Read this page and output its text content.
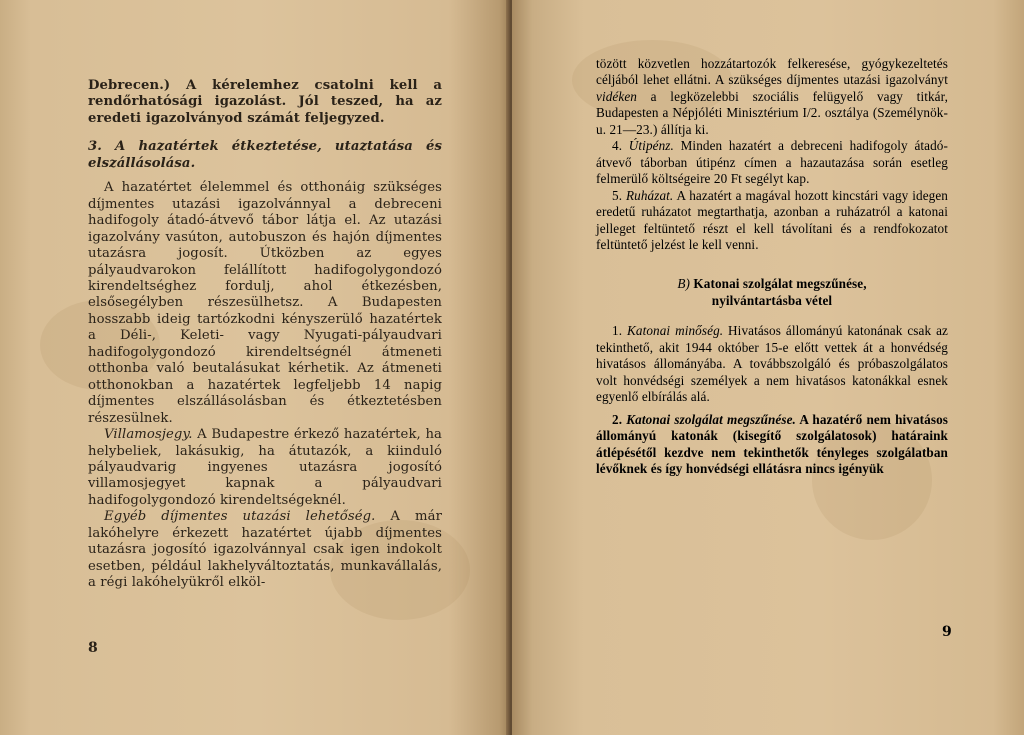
Debrecen.) A kérelemhez csatolni kell a rendőrhatósági igazolást. Jól teszed, ha az eredeti igazolványod számát feljegyzed.

3. A hazatértek étkeztetése, utaztatása és elszállásolása.

A hazatértet élelemmel és otthonáig szükséges díjmentes utazási igazolvánnyal a debreceni hadifogoly átadó-átvevő tábor látja el. Az utazási igazolvány vasúton, autobuszon és hajón díjmentes utazásra jogosít. Útközben az egyes pályaudvarokon felállított hadifogolygondozó kirendeltséghez fordulj, ahol étkezésben, elsősegélyben részesülhetsz. A Budapesten hosszabb ideig tartózkodni kényszerülő hazatértek a Déli-, Keleti- vagy Nyugati-pályaudvari hadifogolygondozó kirendeltségnél átmeneti otthonba való beutalásukat kérhetik. Az átmeneti otthonokban a hazatértek legfeljebb 14 napig díjmentes elszállásolásban és étkeztetésben részesülnek.

Villamosjegy. A Budapestre érkező hazatértek, ha helybeliek, lakásukig, ha átutazók, a kiinduló pályaudvarig ingyenes utazásra jogosító villamosjegyet kapnak a pályaudvari hadifogolygondozó kirendeltségeknél.

Egyéb díjmentes utazási lehetőség. A már lakóhelyre érkezett hazatértet újabb díjmentes utazásra jogosító igazolvánnyal csak igen indokolt esetben, például lakhelyváltoztatás, munkavállalás, a régi lakóhelyükről elköl-

8

tözött közvetlen hozzátartozók felkeresése, gyógykezeltetés céljából lehet ellátni. A szükséges díjmentes utazási igazolványt vidéken a legközelebbi szociális felügyelő vagy titkár, Budapesten a Népjóléti Minisztérium I/2. osztálya (Személynök-u. 21—23.) állítja ki.

4. Útipénz. Minden hazatért a debreceni hadifogoly átadó-átvevő táborban útipénz címen a hazautazása során esetleg felmerülő költségeire 20 Ft segélyt kap.

5. Ruházat. A hazatért a magával hozott kincstári vagy idegen eredetű ruházatot megtarthatja, azonban a ruházatról a katonai jelleget feltüntető részt el kell távolítani és a rendfokozatot feltüntető jelzést le kell venni.

B) Katonai szolgálat megszűnése, nyilvántartásba vétel

1. Katonai minőség. Hivatásos állományú katonának csak az tekinthető, akit 1944 október 15-e előtt vettek át a honvédség hivatásos állományába. A továbbszolgáló és próbaszolgálatos volt honvédségi személyek a nem hivatásos katonákkal esnek egyenlő elbírálás alá.

2. Katonai szolgálat megszűnése. A hazatérő nem hivatásos állományú katonák (kisegítő szolgálatosok) határaink átlépésétől kezdve nem tekinthetők tényleges szolgálatban lévőknek és így honvédségi ellátásra nincs igényük

9
